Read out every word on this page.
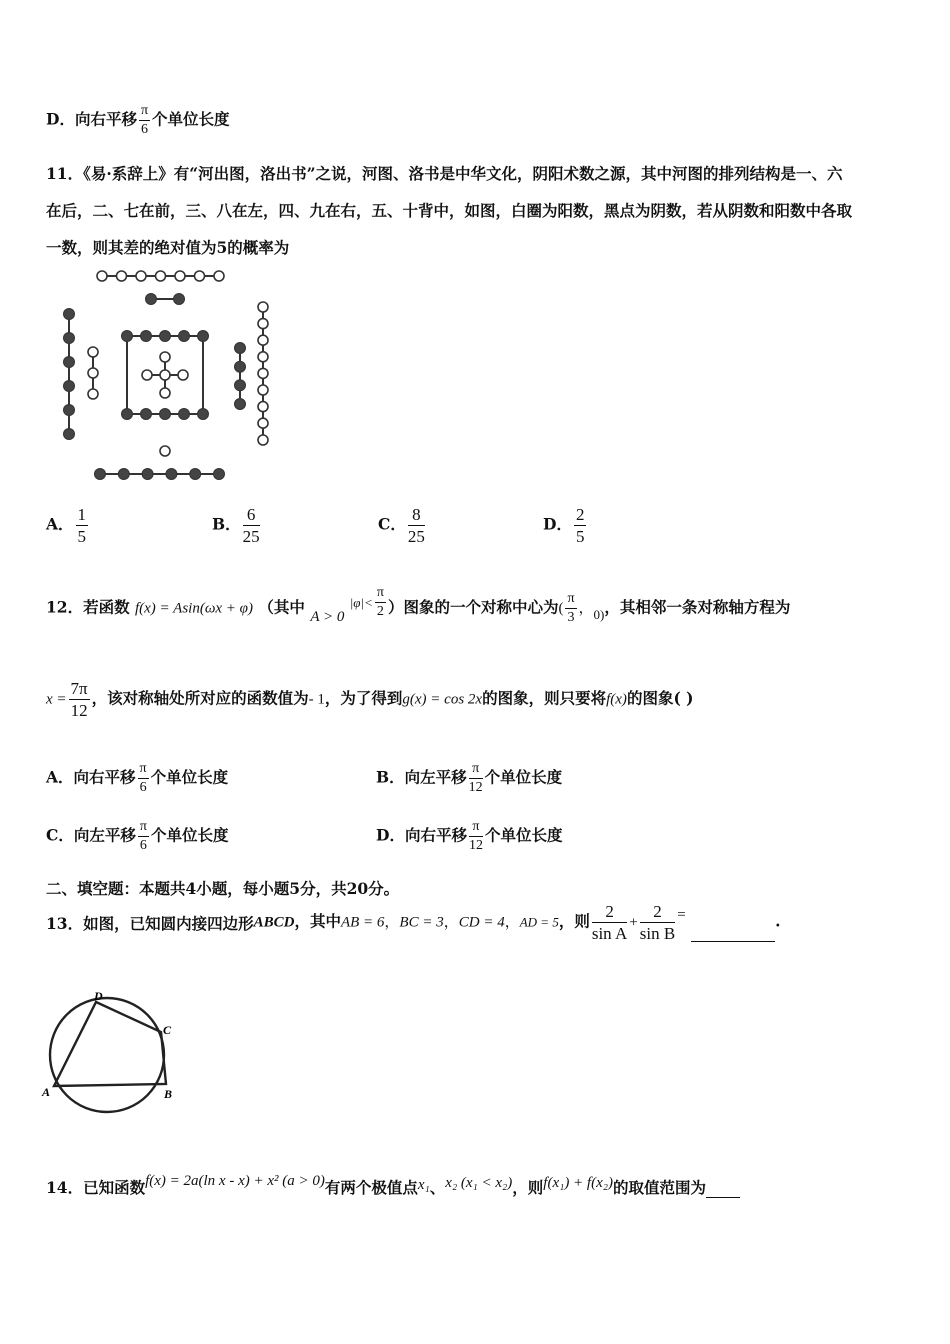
D．向右平移 $\frac{\pi}{6}$ 个单位长度
11．《易·系辞上》有“河出图，洛出书”之说，河图、洛书是中华文化，阴阳术数之源，其中河图的排列结构是一、六
在后，二、七在前，三、八在左，四、九在右，五、十背中，如图，白圈为阳数，黑点为阴数，若从阴数和阳数中各取
一数，则其差的绝对值为5的概率为
A． $\frac{1}{5}$	B． $\frac{6}{25}$	C． $\frac{8}{25}$	D． $\frac{2}{5}$
12．若函数 f(x) = Asin(ωx + φ) （其中 A > 0 $^{|\varphi|<} \frac{\pi}{2}$ ）图象的一个对称中心为( $\frac{\pi}{3}$ ，$_{0)}$，其相邻一条对称轴方程为
$x = \frac{7\pi}{12}$ ，该对称轴处所对应的函数值为- 1，为了得到g(x) = cos 2x的图象，则只要将f(x)的图象( )
A．向右平移 $\frac{\pi}{6}$ 个单位长度	B．向左平移 $\frac{\pi}{12}$ 个单位长度
C．向左平移 $\frac{\pi}{6}$ 个单位长度	D．向右平移 $\frac{\pi}{12}$ 个单位长度
二、填空题：本题共4小题，每小题5分，共20分。
13．如图，已知圆内接四边形ABCD，其中AB = 6，BC = 3，CD = 4，AD = 5，则 $\frac{2}{\text{sin A}} + \frac{2}{\text{sin B}}$ =	.
A	B
C
D
14．已知函数f(x) = 2a(ln x - x) + x² (a > 0)有两个极值点x₁、x₂ (x₁ < x₂)，则f(x₁) + f(x₂)的取值范围为
